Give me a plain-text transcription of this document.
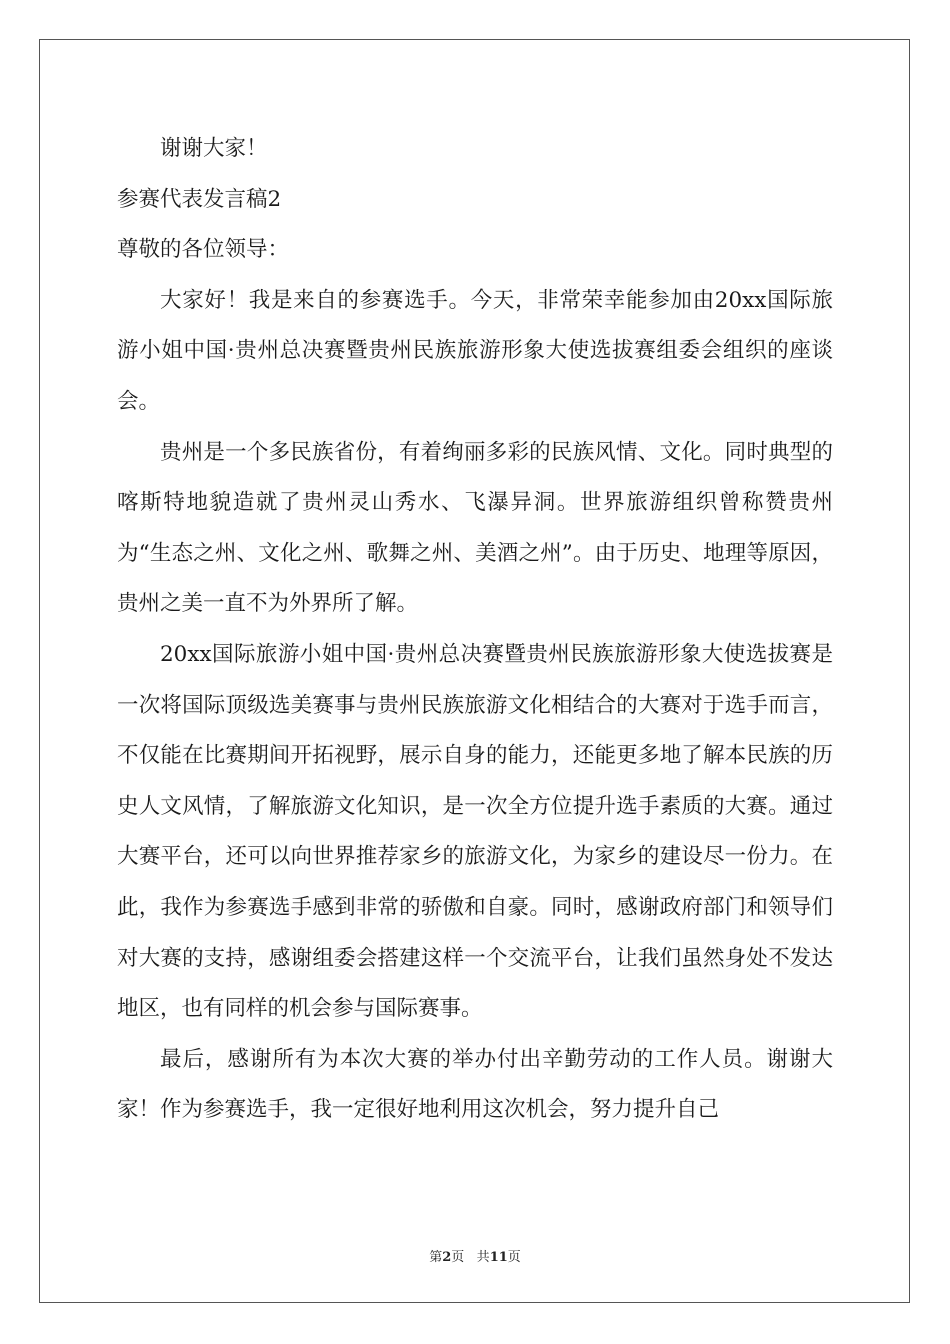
谢谢大家！

参赛代表发言稿2

尊敬的各位领导：

大家好！我是来自的参赛选手。今天，非常荣幸能参加由20xx国际旅游小姐中国·贵州总决赛暨贵州民族旅游形象大使选拔赛组委会组织的座谈会。

贵州是一个多民族省份，有着绚丽多彩的民族风情、文化。同时典型的喀斯特地貌造就了贵州灵山秀水、飞瀑异洞。世界旅游组织曾称赞贵州为“生态之州、文化之州、歌舞之州、美酒之州”。由于历史、地理等原因，贵州之美一直不为外界所了解。

20xx国际旅游小姐中国·贵州总决赛暨贵州民族旅游形象大使选拔赛是一次将国际顶级选美赛事与贵州民族旅游文化相结合的大赛对于选手而言，不仅能在比赛期间开拓视野，展示自身的能力，还能更多地了解本民族的历史人文风情，了解旅游文化知识，是一次全方位提升选手素质的大赛。通过大赛平台，还可以向世界推荐家乡的旅游文化，为家乡的建设尽一份力。在此，我作为参赛选手感到非常的骄傲和自豪。同时，感谢政府部门和领导们对大赛的支持，感谢组委会搭建这样一个交流平台，让我们虽然身处不发达地区，也有同样的机会参与国际赛事。

最后，感谢所有为本次大赛的举办付出辛勤劳动的工作人员。谢谢大家！作为参赛选手，我一定很好地利用这次机会，努力提升自己

第2页 共11页
